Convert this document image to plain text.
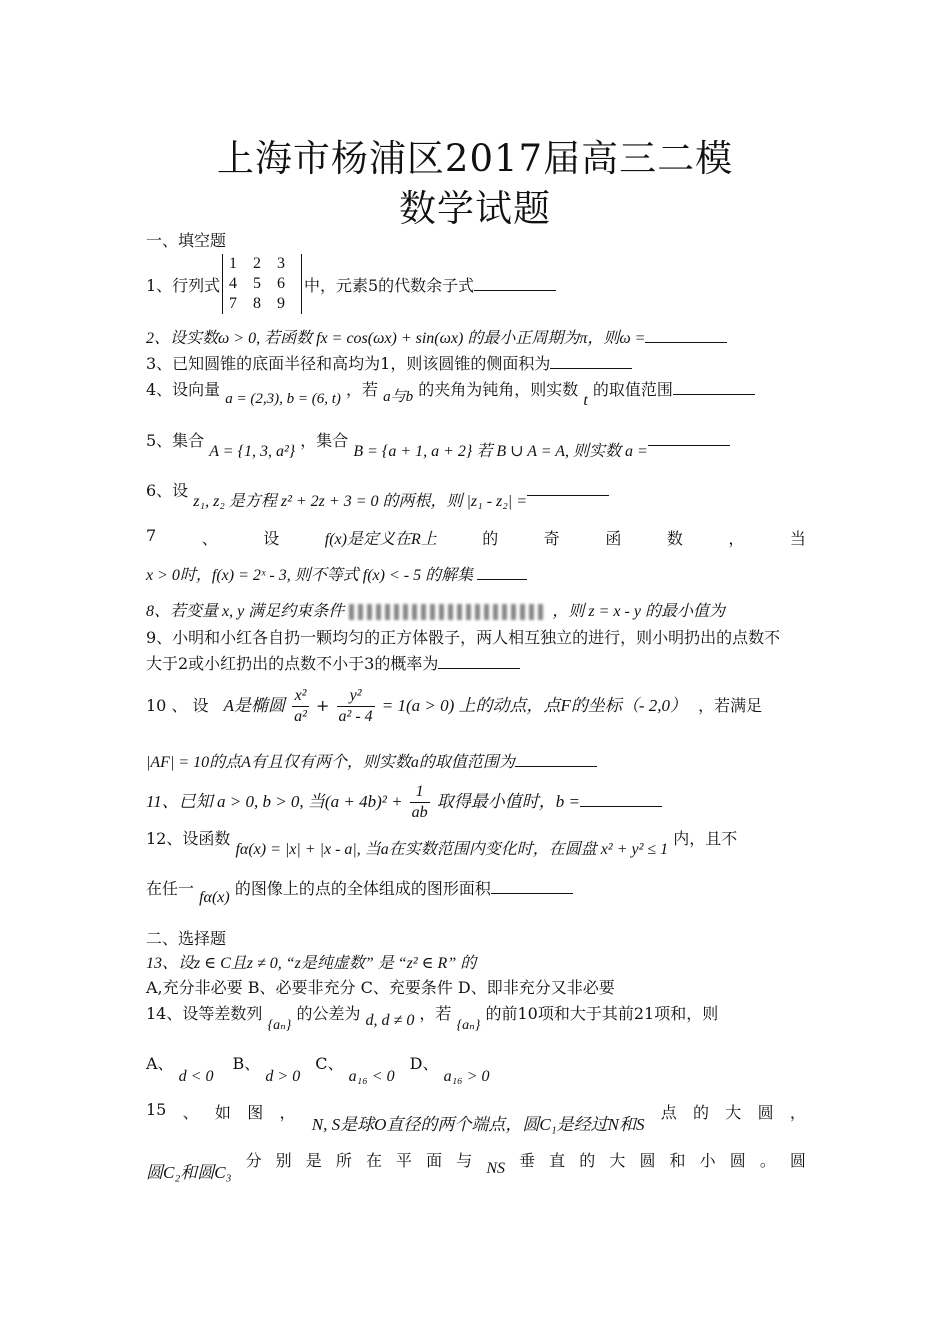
上海市杨浦区2017届高三二模
数学试题
一、填空题
1、行列式
1	2	3
4	5	6
7	8	9
中，元素5的代数余子式
2、设实数ω > 0, 若函数 fx = cos(ωx) + sin(ωx) 的最小正周期为π，则ω =
3、已知圆锥的底面半径和高均为1，则该圆锥的侧面积为
4、设向量 a = (2,3), b = (6, t) ，若 a与b 的夹角为钝角，则实数 t 的取值范围
5、集合 A = {1, 3, a²} ，集合 B = {a + 1, a + 2} 若 B ∪ A = A, 则实数 a =
6、设 z₁, z₂ 是方程 z² + 2z + 3 = 0 的两根，则 |z₁ - z₂| =
7	、	设	f(x)是定义在R上	的	奇	函	数	，	当
x > 0时，f(x) = 2ˣ - 3, 则不等式 f(x) < - 5 的解集
8、若变量 x, y 满足约束条件	，则 z = x - y 的最小值为
9、小明和小红各自扔一颗均匀的正方体骰子，两人相互独立的进行，则小明扔出的点数不
大于2或小红扔出的点数不小于3的概率为
10 、 设 A是椭圆 $\frac{\text{x²}}{\text{a²}} + \frac{\text{y²}}{\text{a² - 4}} = 1(a > 0)$ 上的动点，点F的坐标（- 2,0） ，若满足
|AF| = 10的点A有且仅有两个，则实数a的取值范围为
11、已知 a > 0, b > 0, 当$(a + 4b)^2 + \frac{1}{ab}$ 取得最小值时，b =
12、设函数 fα(x) = |x| + |x - a|, 当a在实数范围内变化时，在圆盘 x² + y² ≤ 1 内，且不
在任一 fα(x) 的图像上的点的全体组成的图形面积
二、选择题
13、设z ∈ C且z ≠ 0, “z是纯虚数” 是 “z² ∈ R” 的
A,充分非必要 B、必要非充分 C、充要条件 D、即非充分又非必要
14、设等差数列 {aₙ} 的公差为 d, d ≠ 0 ，若 {aₙ} 的前10项和大于其前21项和，则
A、 d < 0 B、 d > 0 C、 a₁₆ < 0 D、 a₁₆ > 0
15 、 如 图 ，
N, S是球O直径的两个端点，圆C₁是经过N和S
点 的 大 圆 ，
圆C₂和圆C₃
分 别 是 所 在 平 面 与 NS 垂 直 的 大 圆 和 小 圆 。 圆
